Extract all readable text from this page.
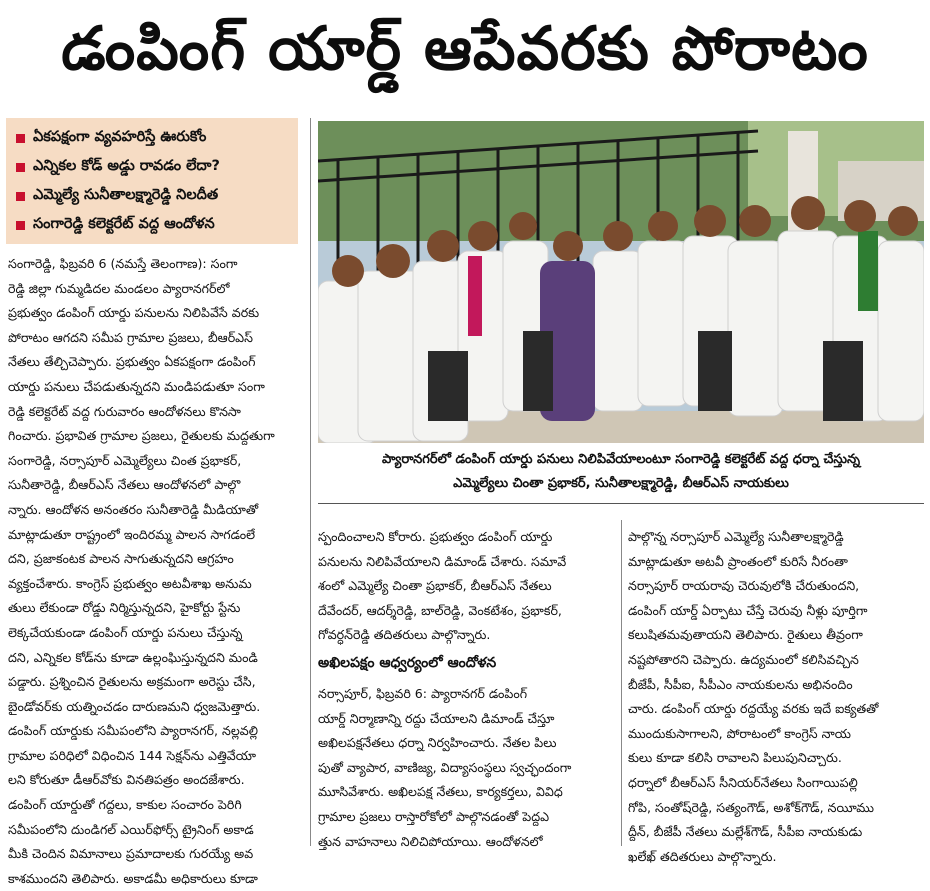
డంపింగ్ యార్డ్ ఆపేవరకు పోరాటం
ఏకపక్షంగా వ్యవహరిస్తే ఊరుకోం
ఎన్నికల కోడ్ అడ్డు రావడం లేదా?
ఎమ్మెల్యే సునీతాలక్ష్మారెడ్డి నిలదీత
సంగారెడ్డి కలెక్టరేట్ వద్ద ఆందోళన

ప్యారానగర్‌లో డంపింగ్ యార్డు పనులు నిలిపివేయాలంటూ సంగారెడ్డి కలెక్టరేట్ వద్ద ధర్నా చేస్తున్న

ఎమ్మెల్యేలు చింతా ప్రభాకర్, సునీతాలక్ష్మారెడ్డి, బీఆర్‌ఎస్ నాయకులు

సంగారెడ్డి, ఫిబ్రవరి 6 (నమస్తే తెలంగాణ): సంగా

రెడ్డి జిల్లా గుమ్మడిదల మండలం ప్యారానగర్‌లో

ప్రభుత్వం డంపింగ్ యార్డు పనులను నిలిపివేసే వరకు

పోరాటం ఆగదని సమీప గ్రామాల ప్రజలు, బీఆర్‌ఎస్

నేతలు తేల్చిచెప్పారు. ప్రభుత్వం ఏకపక్షంగా డంపింగ్

యార్డు పనులు చేపడుతున్నదని మండిపడుతూ సంగా

రెడ్డి కలెక్టరేట్ వద్ద గురువారం ఆందోళనలు కొనసా

గించారు. ప్రభావిత గ్రామాల ప్రజలు, రైతులకు మద్దతుగా

సంగారెడ్డి, నర్సాపూర్ ఎమ్మెల్యేలు చింత ప్రభాకర్,

సునీతారెడ్డి, బీఆర్‌ఎస్ నేతలు ఆందోళనలో పాల్గొ

న్నారు. ఆందోళన అనంతరం సునీతారెడ్డి మీడియాతో

మాట్లాడుతూ రాష్ట్రంలో ఇందిరమ్మ పాలన సాగడంలే

దని, ప్రజాకంటక పాలన సాగుతున్నదని ఆగ్రహం

వ్యక్తంచేశారు. కాంగ్రెస్ ప్రభుత్వం అటవీశాఖ అనుమ

తులు లేకుండా రోడ్డు నిర్మిస్తున్నదని, హైకోర్టు స్టేను

లెక్కచేయకుండా డంపింగ్ యార్డు పనులు చేస్తున్న

దని, ఎన్నికల కోడ్‌ను కూడా ఉల్లంఘిస్తున్నదని మండి

పడ్డారు. ప్రశ్నించిన రైతులను అక్రమంగా అరెస్టు చేసి,

బైండోవర్‌కు యత్నించడం దారుణమని ధ్వజమెత్తారు.

డంపింగ్ యార్డుకు సమీపంలోని ప్యారానగర్, నల్లవల్లి

గ్రామాల పరిధిలో విధించిన 144 సెక్షన్‌ను ఎత్తివేయా

లని కోరుతూ డీఆర్‌వోకు వినతిపత్రం అందజేశారు.

డంపింగ్ యార్డుతో గద్దలు, కాకుల సంచారం పెరిగి

సమీపంలోని దుండిగల్ ఎయిర్‌ఫోర్స్ ట్రైనింగ్ అకాడ

మీకి చెందిన విమానాలు ప్రమాదాలకు గురయ్యే అవ

కాశముందని తెలిపారు. అకాడమీ అధికారులు కూడా

స్పందించాలని కోరారు. ప్రభుత్వం డంపింగ్ యార్డు

పనులను నిలిపివేయాలని డిమాండ్ చేశారు. సమావే

శంలో ఎమ్మెల్యే చింతా ప్రభాకర్, బీఆర్‌ఎస్ నేతలు

దేవేందర్, ఆదర్శ్‌రెడ్డి, బాల్‌రెడ్డి, వెంకటేశం, ప్రభాకర్,

గోవర్ధన్‌రెడ్డి తదితరులు పాల్గొన్నారు.

అఖిలపక్షం ఆధ్వర్యంలో ఆందోళన

నర్సాపూర్, ఫిబ్రవరి 6: ప్యారానగర్ డంపింగ్

యార్డ్ నిర్మాణాన్ని రద్దు చేయాలని డిమాండ్ చేస్తూ

అఖిలపక్షనేతలు ధర్నా నిర్వహించారు. నేతల పిలు

పుతో వ్యాపార, వాణిజ్య, విద్యాసంస్థలు స్వచ్ఛందంగా

మూసివేశారు. అఖిలపక్ష నేతలు, కార్యకర్తలు, వివిధ

గ్రామాల ప్రజలు రాస్తారోకోలో పాల్గొనడంతో పెద్దఎ

త్తున వాహనాలు నిలిచిపోయాయి. ఆందోళనలో

పాల్గొన్న నర్సాపూర్ ఎమ్మెల్యే సునీతాలక్ష్మారెడ్డి

మాట్లాడుతూ అటవీ ప్రాంతంలో కురిసే నీరంతా

నర్సాపూర్ రాయరావు చెరువులోకి చేరుతుందని,

డంపింగ్ యార్డ్ ఏర్పాటు చేస్తే చెరువు నీళ్లు పూర్తిగా

కలుషితమవుతాయని తెలిపారు. రైతులు తీవ్రంగా

నష్టపోతారని చెప్పారు. ఉద్యమంలో కలిసివచ్చిన

బీజేపీ, సీపీఐ, సీపీఎం నాయకులను అభినందిం

చారు. డంపింగ్ యార్డు రద్దయ్యే వరకు ఇదే ఐక్యతతో

ముందుకుసాగాలని, పోరాటంలో కాంగ్రెస్ నాయ

కులు కూడా కలిసి రావాలని పిలుపునిచ్చారు.

ధర్నాలో బీఆర్‌ఎస్ సీనియర్‌నేతలు సింగాయిపల్లి

గోపి, సంతోష్‌రెడ్డి, సత్యంగౌడ్, అశోక్‌గౌడ్, నయీము

ద్దీన్, బీజేపీ నేతలు మల్లేశ్‌గౌడ్, సీపీఐ నాయకుడు

ఖలేఖ్ తదితరులు పాల్గొన్నారు.
